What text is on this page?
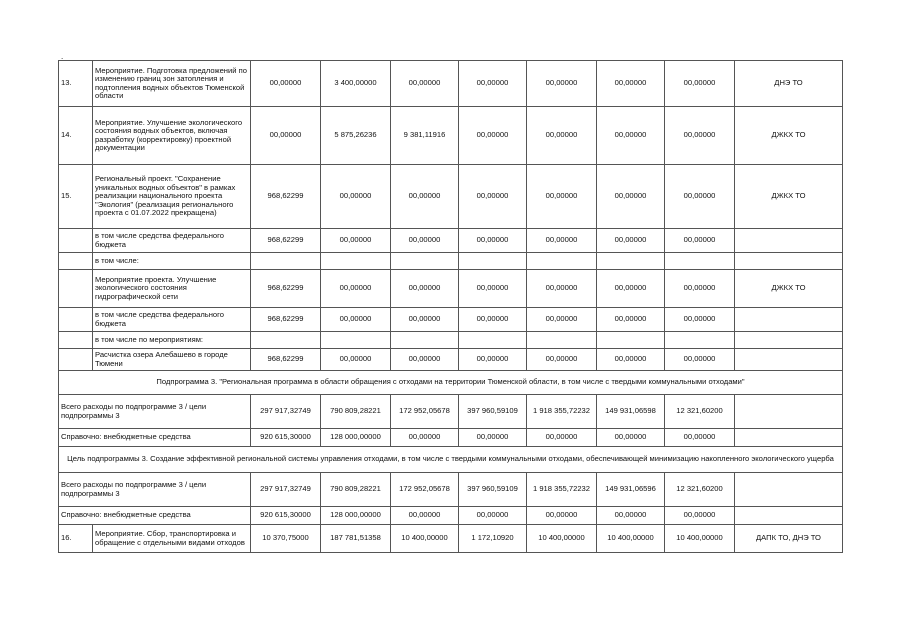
.
13.	Мероприятие. Подготовка предложений по изменению границ зон затопления и подтопления водных объектов Тюменской области	00,00000	3 400,00000	00,00000	00,00000	00,00000	00,00000	00,00000	ДНЭ ТО
14.	Мероприятие. Улучшение экологического состояния водных объектов, включая разработку (корректировку) проектной документации	00,00000	5 875,26236	9 381,11916	00,00000	00,00000	00,00000	00,00000	ДЖКХ ТО
15.	Региональный проект. "Сохранение уникальных водных объектов" в рамках реализации национального проекта "Экология" (реализация регионального проекта с 01.07.2022 прекращена)	968,62299	00,00000	00,00000	00,00000	00,00000	00,00000	00,00000	ДЖКХ ТО
	в том числе средства федерального бюджета	968,62299	00,00000	00,00000	00,00000	00,00000	00,00000	00,00000	
	в том числе:								
	Мероприятие проекта. Улучшение экологического состояния гидрографической сети	968,62299	00,00000	00,00000	00,00000	00,00000	00,00000	00,00000	ДЖКХ ТО
	в том числе средства федерального бюджета	968,62299	00,00000	00,00000	00,00000	00,00000	00,00000	00,00000	
	в том числе по мероприятиям:								
	Расчистка озера Алебашево в городе Тюмени	968,62299	00,00000	00,00000	00,00000	00,00000	00,00000	00,00000	
Подпрограмма 3. "Региональная программа в области обращения с отходами на территории Тюменской области, в том числе с твердыми коммунальными отходами"									
Всего расходы по подпрограмме 3 / цели подпрограммы 3		297 917,32749	790 809,28221	172 952,05678	397 960,59109	1 918 355,72232	149 931,06598	12 321,60200	
Справочно: внебюджетные средства		920 615,30000	128 000,00000	00,00000	00,00000	00,00000	00,00000	00,00000	
Цель подпрограммы 3. Создание эффективной региональной системы управления отходами, в том числе с твердыми коммунальными отходами, обеспечивающей минимизацию накопленного экологического ущерба									
Всего расходы по подпрограмме 3 / цели подпрограммы 3		297 917,32749	790 809,28221	172 952,05678	397 960,59109	1 918 355,72232	149 931,06596	12 321,60200	
Справочно: внебюджетные средства		920 615,30000	128 000,00000	00,00000	00,00000	00,00000	00,00000	00,00000	
16.	Мероприятие. Сбор, транспортировка и обращение с отдельными видами отходов	10 370,75000	187 781,51358	10 400,00000	1 172,10920	10 400,00000	10 400,00000	10 400,00000	ДАПК ТО, ДНЭ ТО
